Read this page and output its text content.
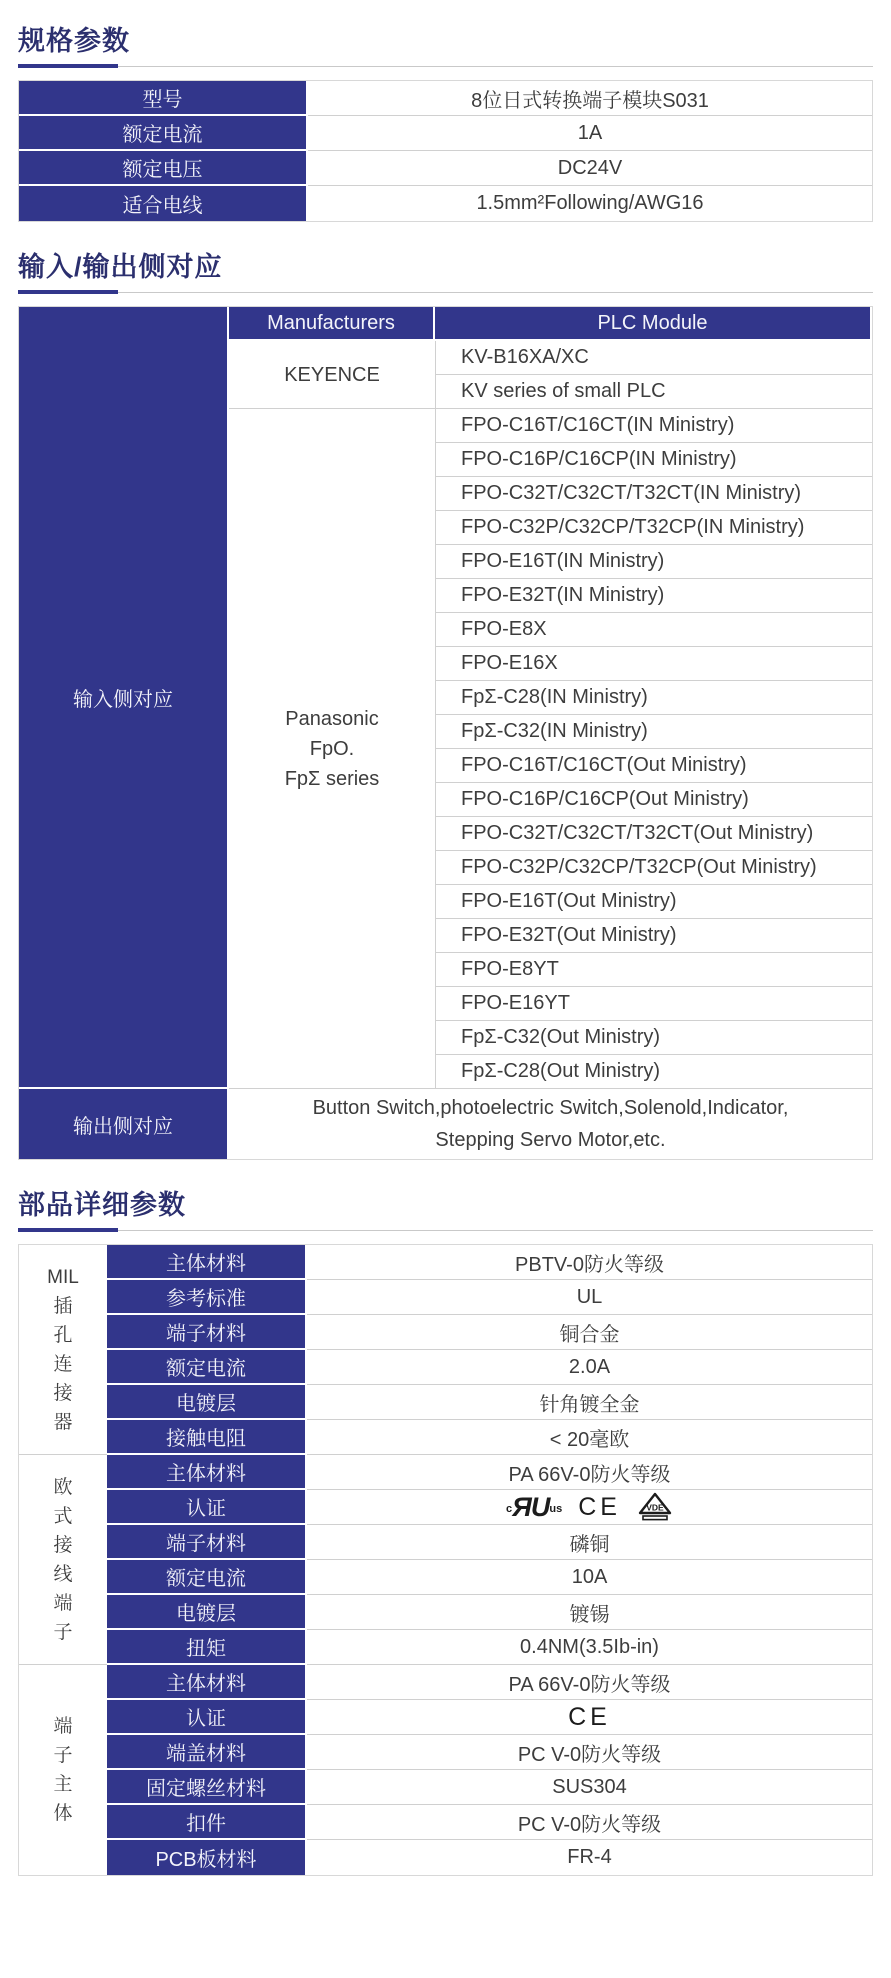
规格参数
型号	8位日式转换端子模块S031
额定电流	1A
额定电压	DC24V
适合电线	1.5mm²Following/AWG16
输入/输出侧对应
输入侧对应	Manufacturers	PLC Module

	KEYENCE	KV-B16XA/XC
		KV series of small PLC

	Panasonic
FpO.
FpΣ series	FPO-C16T/C16CT(IN Ministry)
		FPO-C16P/C16CP(IN Ministry)
		FPO-C32T/C32CT/T32CT(IN Ministry)
		FPO-C32P/C32CP/T32CP(IN Ministry)
		FPO-E16T(IN Ministry)
		FPO-E32T(IN Ministry)
		FPO-E8X
		FPO-E16X
		FpΣ-C28(IN Ministry)
		FpΣ-C32(IN Ministry)
		FPO-C16T/C16CT(Out Ministry)
		FPO-C16P/C16CP(Out Ministry)
		FPO-C32T/C32CT/T32CT(Out Ministry)
		FPO-C32P/C32CP/T32CP(Out Ministry)
		FPO-E16T(Out Ministry)
		FPO-E32T(Out Ministry)
		FPO-E8YT
		FPO-E16YT
		FpΣ-C32(Out Ministry)
		FpΣ-C28(Out Ministry)
输出侧对应	Button Switch,photoelectric Switch,Solenold,Indicator,
Stepping Servo Motor,etc.	
部品详细参数
MIL
插
孔
连
接
器
	主体材料	PBTV-0防火等级
	参考标准	UL
	端子材料	铜合金
	额定电流	2.0A
	电镀层	针角镀全金
	接触电阻	< 20毫欧

欧
式
接
线
端
子
	主体材料	PA 66V-0防火等级
	认证	c ЯU us CE VDE

	端子材料	磷铜
	额定电流	10A
	电镀层	镀锡
	扭矩	0.4NM(3.5Ib-in)

端
子
主
体	主体材料	PA 66V-0防火等级
	认证	CE

	端盖材料	PC V-0防火等级
	固定螺丝材料	SUS304
	扣件	PC V-0防火等级
	PCB板材料	FR-4
